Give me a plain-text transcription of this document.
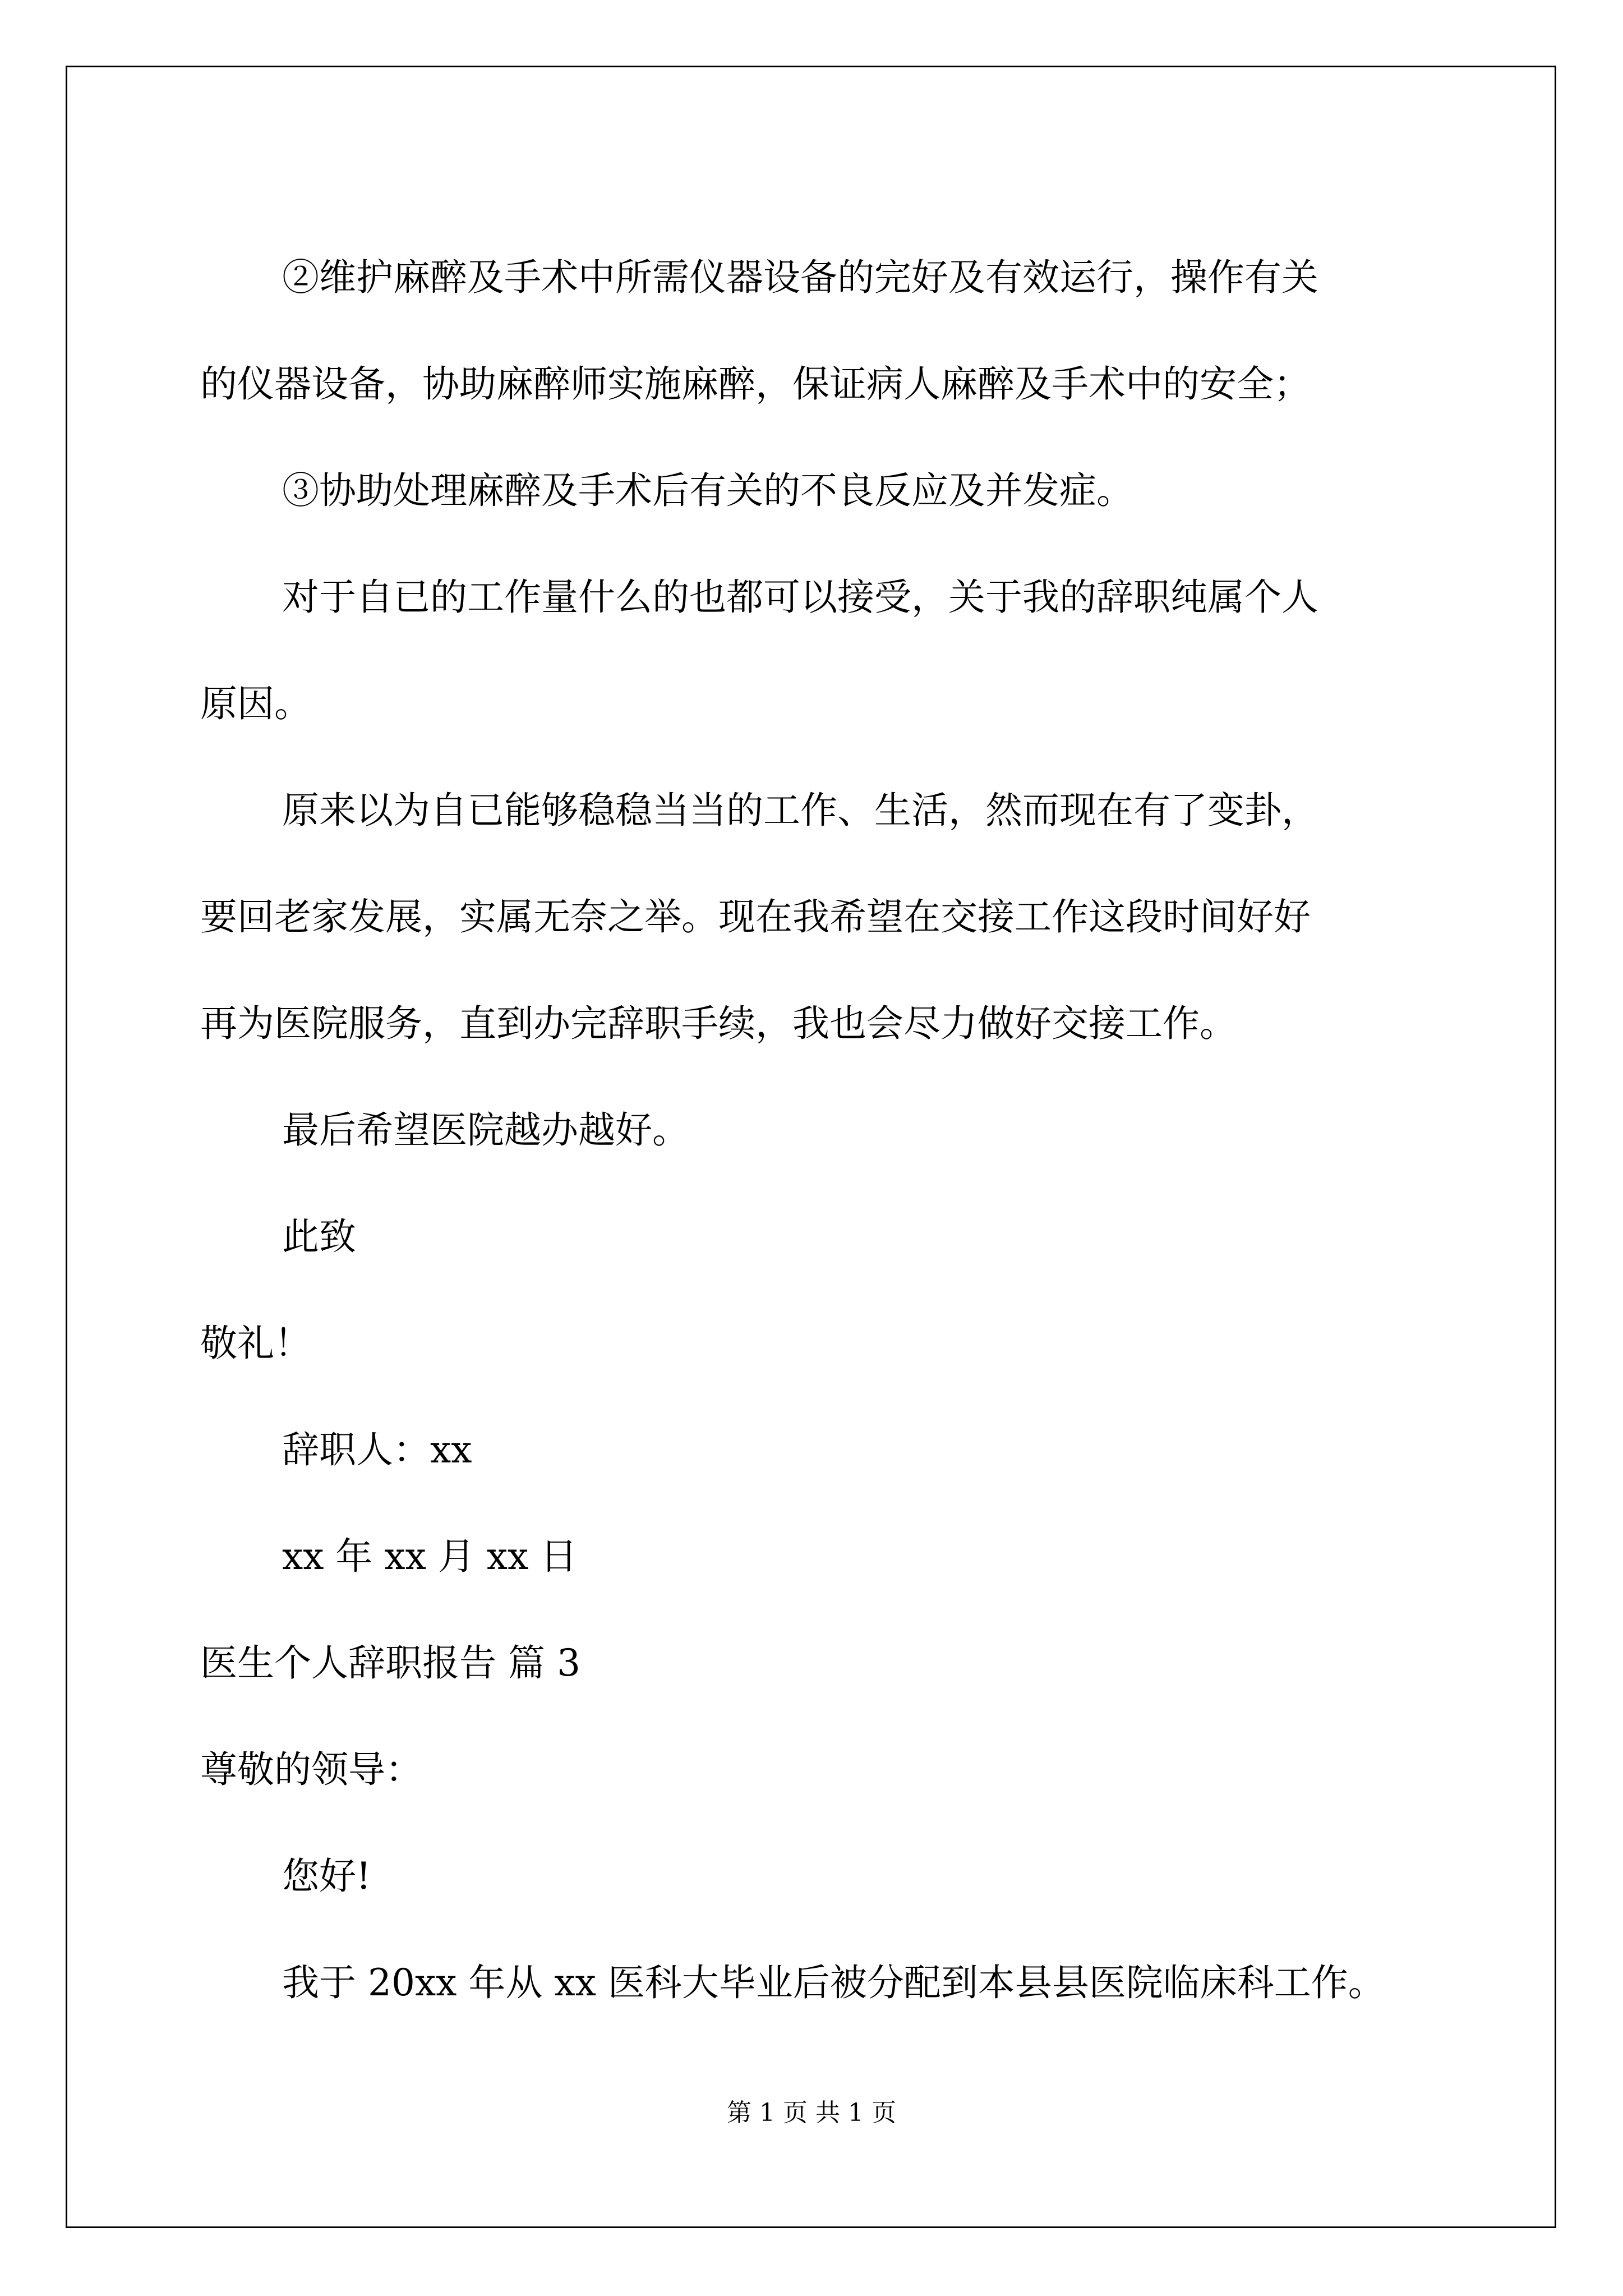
②维护麻醉及手术中所需仪器设备的完好及有效运行，操作有关

的仪器设备，协助麻醉师实施麻醉，保证病人麻醉及手术中的安全；

③协助处理麻醉及手术后有关的不良反应及并发症。

对于自已的工作量什么的也都可以接受，关于我的辞职纯属个人

原因。

原来以为自已能够稳稳当当的工作、生活，然而现在有了变卦，

要回老家发展，实属无奈之举。现在我希望在交接工作这段时间好好

再为医院服务，直到办完辞职手续，我也会尽力做好交接工作。

最后希望医院越办越好。

此致

敬礼！

辞职人：xx

xx 年 xx 月 xx 日

医生个人辞职报告 篇 3

尊敬的领导：

您好!

我于 20xx 年从 xx 医科大毕业后被分配到本县县医院临床科工作。

第 1 页 共 1 页
